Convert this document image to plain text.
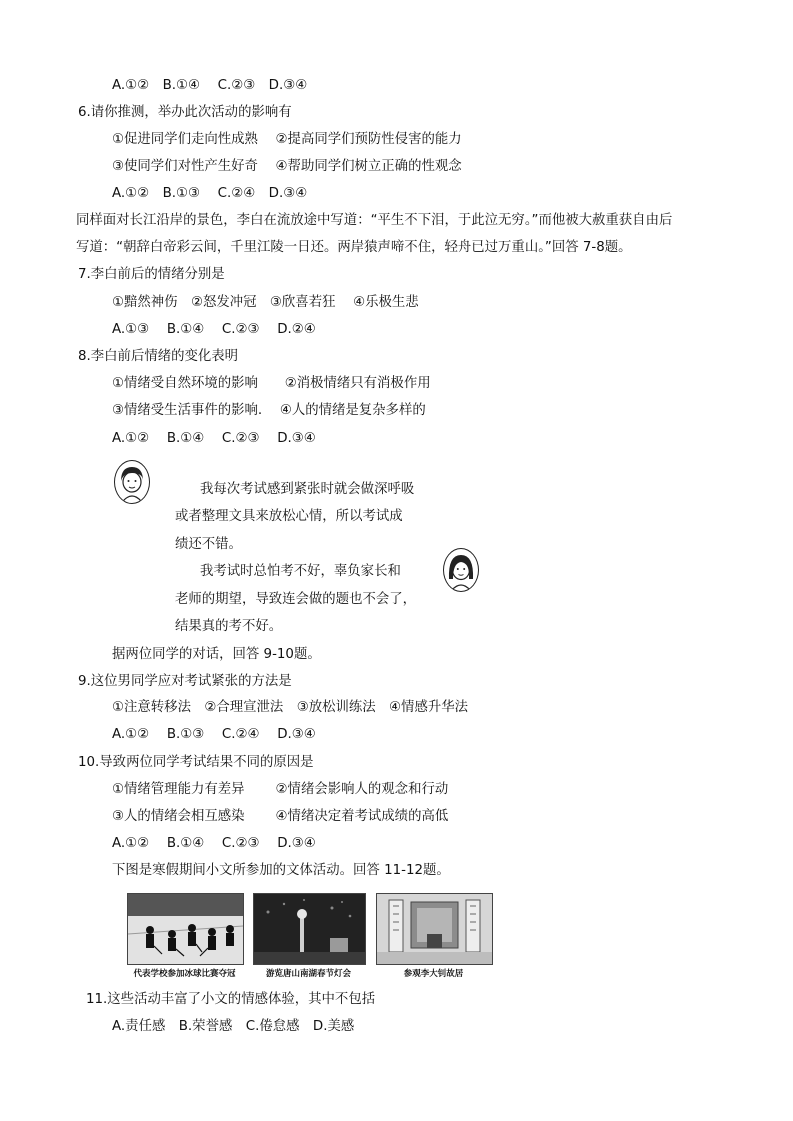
A.①②　B.①④　 C.②③　D.③④
6.请你推测，举办此次活动的影响有
①促进同学们走向性成熟　 ②提高同学们预防性侵害的能力
③使同学们对性产生好奇　 ④帮助同学们树立正确的性观念
A.①②　B.①③　 C.②④　D.③④
同样面对长江沿岸的景色，李白在流放途中写道：“平生不下泪，于此泣无穷。”而他被大赦重获自由后
写道：“朝辞白帝彩云间，千里江陵一日还。两岸猿声啼不住，轻舟已过万重山。”回答 7-8题。
7.李白前后的情绪分别是
①黯然神伤　②怒发冲冠　③欣喜若狂　 ④乐极生悲
A.①③　 B.①④　 C.②③　 D.②④
8.李白前后情绪的变化表明
①情绪受自然环境的影响　　②消极情绪只有消极作用
③情绪受生活事件的影响.　 ④人的情绪是复杂多样的
A.①②　 B.①④　 C.②③　 D.③④
我每次考试感到紧张时就会做深呼吸
或者整理文具来放松心情，所以考试成
绩还不错。
我考试时总怕考不好，辜负家长和
老师的期望，导致连会做的题也不会了，
结果真的考不好。
据两位同学的对话，回答 9-10题。
9.这位男同学应对考试紧张的方法是
①注意转移法　②合理宣泄法　③放松训练法　④情感升华法
A.①②　 B.①③　 C.②④　 D.③④
10.导致两位同学考试结果不同的原因是
①情绪管理能力有差异　　 ②情绪会影响人的观念和行动
③人的情绪会相互感染　　 ④情绪决定着考试成绩的高低
A.①②　 B.①④　 C.②③　 D.③④
下图是寒假期间小文所参加的文体活动。回答 11-12题。
代表学校参加冰球比赛夺冠	游览唐山南湖春节灯会	参观李大钊故居
11.这些活动丰富了小文的情感体验，其中不包括
A.责任感　B.荣誉感　C.倦怠感　D.美感
